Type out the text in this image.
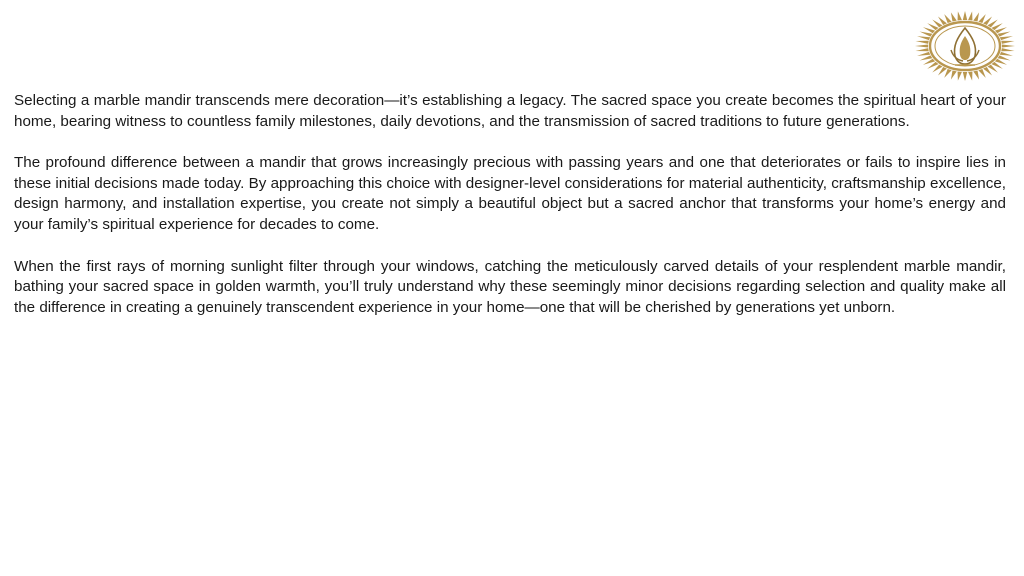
Selecting a marble mandir transcends mere decoration—it’s establishing a legacy. The sacred space you create becomes the spiritual heart of your home, bearing witness to countless family milestones, daily devotions, and the transmission of sacred traditions to future generations.

The profound difference between a mandir that grows increasingly precious with passing years and one that deteriorates or fails to inspire lies in these initial decisions made today. By approaching this choice with designer-level considerations for material authenticity, craftsmanship excellence, design harmony, and installation expertise, you create not simply a beautiful object but a sacred anchor that transforms your home’s energy and your family’s spiritual experience for decades to come.

When the first rays of morning sunlight filter through your windows, catching the meticulously carved details of your resplendent marble mandir, bathing your sacred space in golden warmth, you’ll truly understand why these seemingly minor decisions regarding selection and quality make all the difference in creating a genuinely transcendent experience in your home—one that will be cherished by generations yet unborn.
